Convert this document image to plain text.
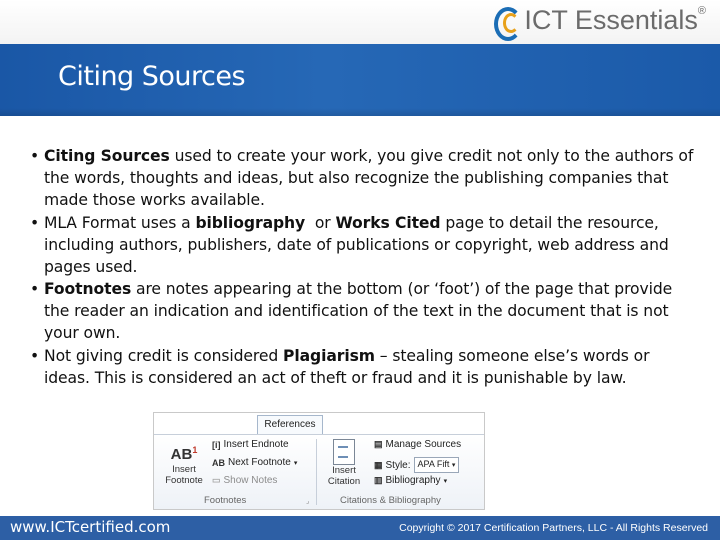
ICT Essentials®
Citing Sources
• Citing Sources used to create your work, you give credit not only to the authors of the words, thoughts and ideas, but also recognize the publishing companies that made those works available.
• MLA Format uses a bibliography  or Works Cited page to detail the resource, including authors, publishers, date of publications or copyright, web address and pages used.
• Footnotes are notes appearing at the bottom (or ‘foot’) of the page that provide the reader an indication and identification of the text in the document that is not your own.
• Not giving credit is considered Plagiarism – stealing someone else’s words or ideas. This is considered an act of theft or fraud and it is punishable by law.
References
$AB^1$
Insert
Footnote
[i] Insert Endnote
AB Next Footnote ▾
▭ Show Notes
Footnotes	⌟
Insert
Citation
▤ Manage Sources
▦ Style: APA Fift ▾
▥ Bibliography ▾
Citations & Bibliography
www.ICTcertified.com	Copyright © 2017 Certification Partners, LLC - All Rights Reserved
